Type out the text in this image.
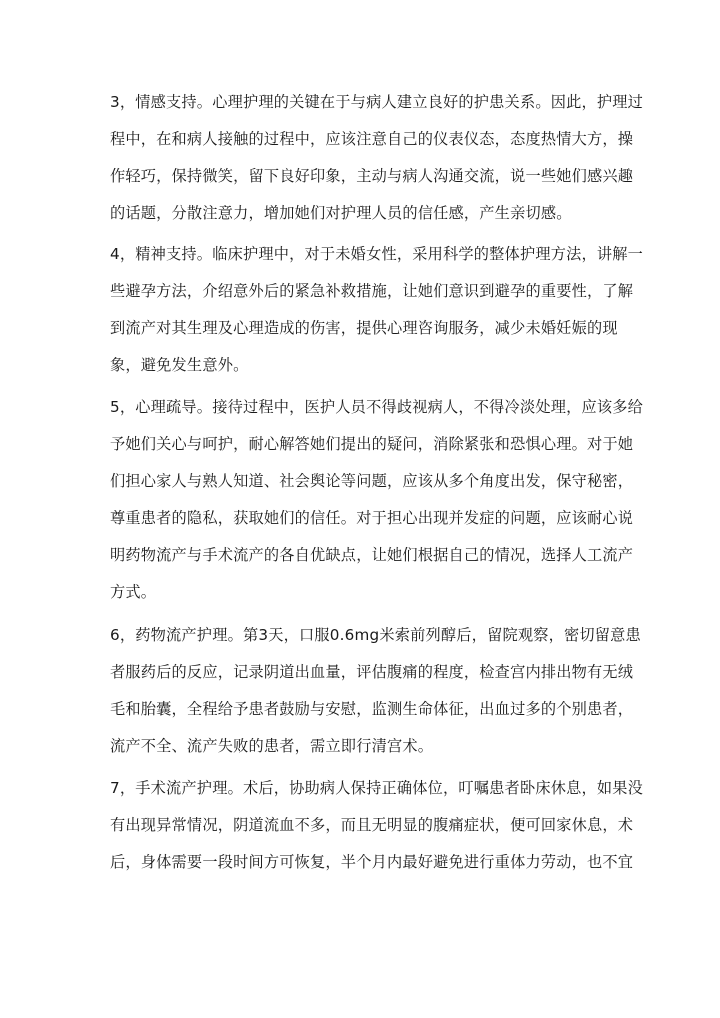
3，情感支持。心理护理的关键在于与病人建立良好的护患关系。因此，护理过
程中，在和病人接触的过程中，应该注意自己的仪表仪态，态度热情大方，操
作轻巧，保持微笑，留下良好印象，主动与病人沟通交流，说一些她们感兴趣
的话题，分散注意力，增加她们对护理人员的信任感，产生亲切感。
4，精神支持。临床护理中，对于未婚女性，采用科学的整体护理方法，讲解一
些避孕方法，介绍意外后的紧急补救措施，让她们意识到避孕的重要性，了解
到流产对其生理及心理造成的伤害，提供心理咨询服务，减少未婚妊娠的现
象，避免发生意外。
5，心理疏导。接待过程中，医护人员不得歧视病人，不得冷淡处理，应该多给
予她们关心与呵护，耐心解答她们提出的疑问，消除紧张和恐惧心理。对于她
们担心家人与熟人知道、社会舆论等问题，应该从多个角度出发，保守秘密，
尊重患者的隐私，获取她们的信任。对于担心出现并发症的问题，应该耐心说
明药物流产与手术流产的各自优缺点，让她们根据自己的情况，选择人工流产
方式。
6，药物流产护理。第3天，口服0.6mg米索前列醇后，留院观察，密切留意患
者服药后的反应，记录阴道出血量，评估腹痛的程度，检查宫内排出物有无绒
毛和胎囊，全程给予患者鼓励与安慰，监测生命体征，出血过多的个别患者，
流产不全、流产失败的患者，需立即行清宫术。
7，手术流产护理。术后，协助病人保持正确体位，叮嘱患者卧床休息，如果没
有出现异常情况，阴道流血不多，而且无明显的腹痛症状，便可回家休息，术
后，身体需要一段时间方可恢复，半个月内最好避免进行重体力劳动，也不宜
